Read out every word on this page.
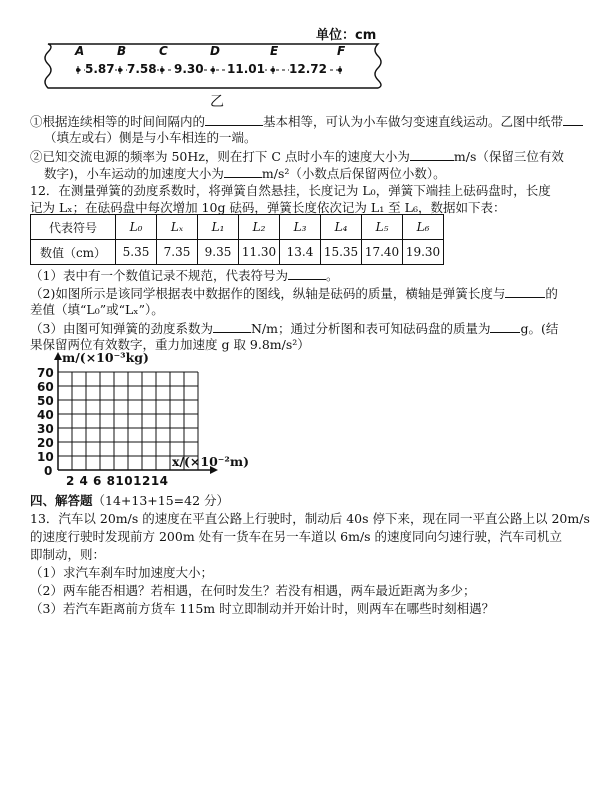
单位：cm
A	B	C	D	E	F
5.87 7.58 9.30 11.01 12.72
乙
①根据连续相等的时间间隔内的	基本相等，可认为小车做匀变速直线运动。乙图中纸带
（填左或右）侧是与小车相连的一端。
②已知交流电源的频率为 50Hz，则在打下 C 点时小车的速度大小为	m/s（保留三位有效
数字)，小车运动的加速度大小为	m/s²（小数点后保留两位小数）。
12．在测量弹簧的劲度系数时，将弹簧自然悬挂，长度记为 L₀，弹簧下端挂上砝码盘时，长度
记为 Lₓ；在砝码盘中每次增加 10g 砝码，弹簧长度依次记为 L₁ 至 L₆，数据如下表：
代表符号	L₀	Lₓ	L₁	L₂	L₃	L₄	L₅	L₆
数值（cm）	5.35	7.35	9.35	11.30	13.4	15.35	17.40	19.30
（1）表中有一个数值记录不规范，代表符号为	。
（2)如图所示是该同学根据表中数据作的图线，纵轴是砝码的质量，横轴是弹簧长度与	的
差值（填“L₀”或“Lₓ”）。
（3）由图可知弹簧的劲度系数为	N/m；通过分析图和表可知砝码盘的质量为 g。(结
果保留两位有效数字，重力加速度 g 取 9.8m/s²）
m/(×10⁻³kg)
70
60
50
40
30
20
10
0
x/(×10⁻²m)
2 4 6 8101214
四、解答题（14+13+15=42 分）
13．汽车以 20m/s 的速度在平直公路上行驶时，制动后 40s 停下来，现在同一平直公路上以 20m/s
的速度行驶时发现前方 200m 处有一货车在另一车道以 6m/s 的速度同向匀速行驶，汽车司机立
即制动，则：
（1）求汽车刹车时加速度大小；
（2）两车能否相遇？若相遇，在何时发生？若没有相遇，两车最近距离为多少；
（3）若汽车距离前方货车 115m 时立即制动并开始计时，则两车在哪些时刻相遇？
